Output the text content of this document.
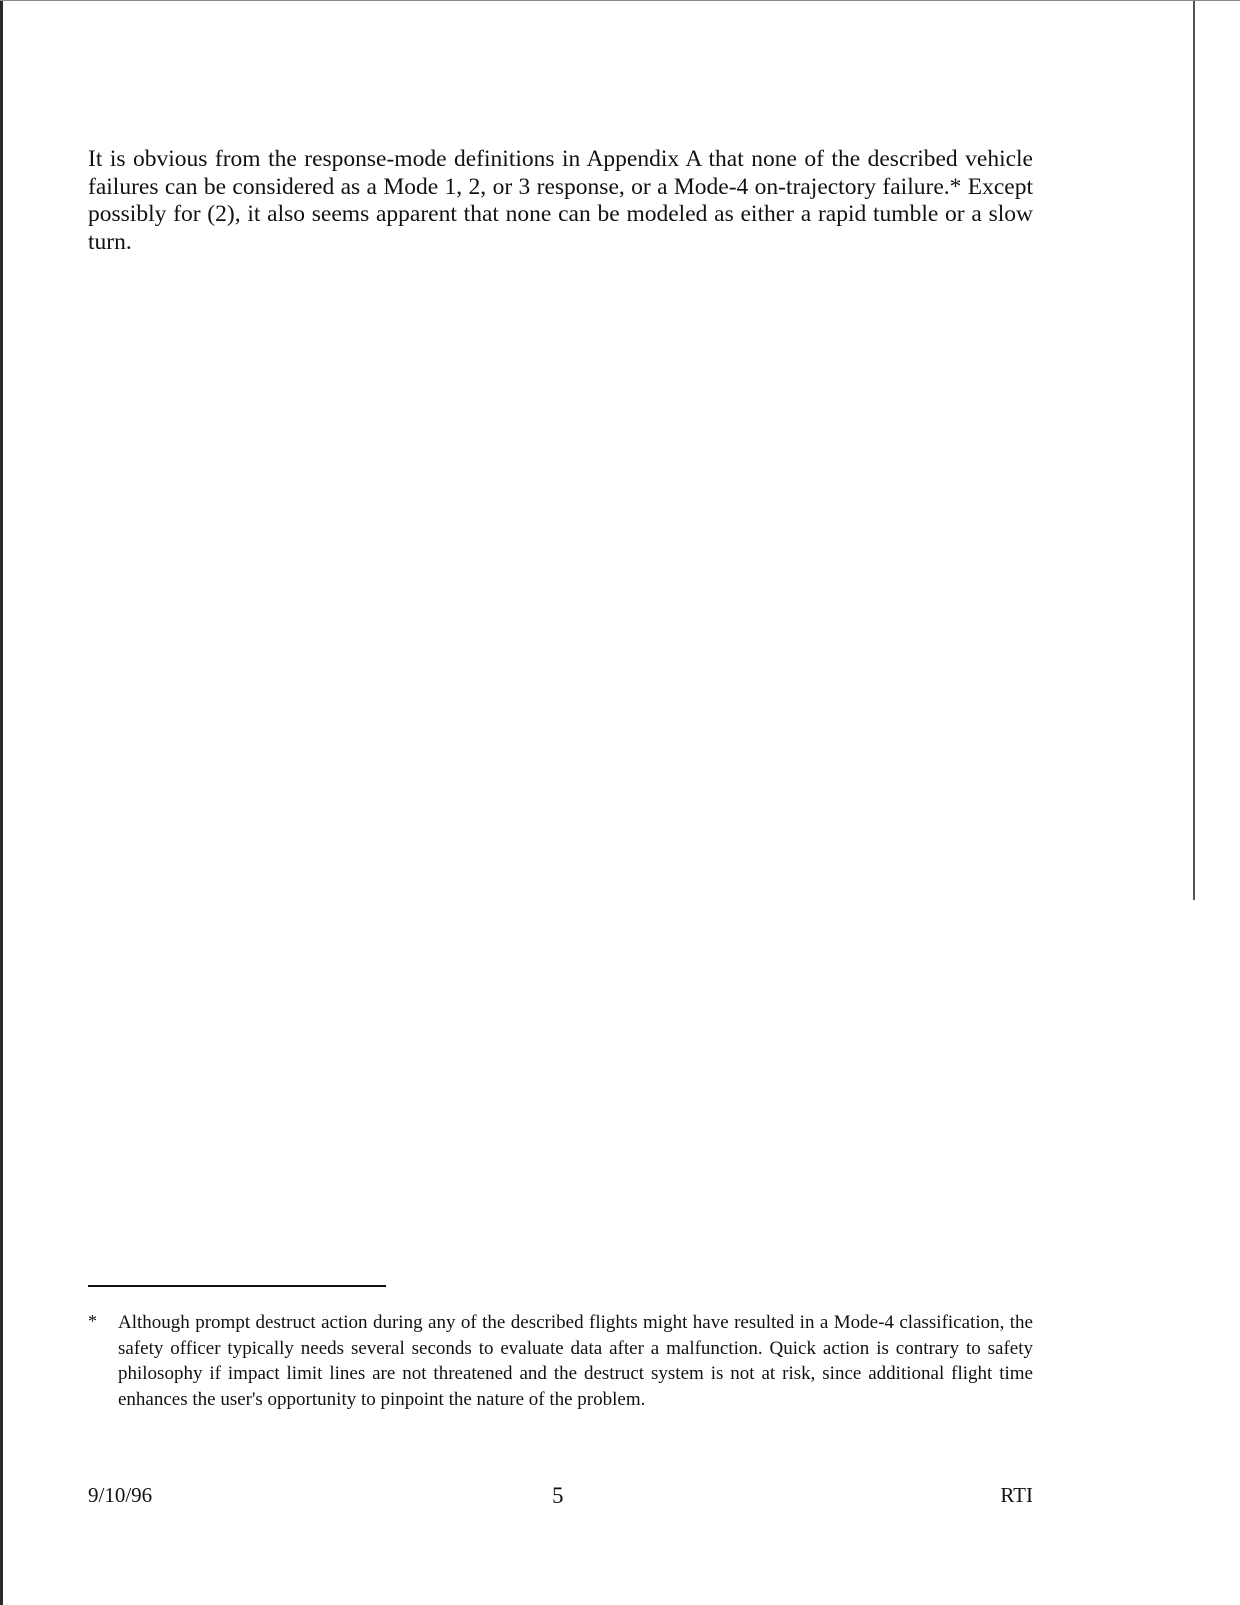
It is obvious from the response-mode definitions in Appendix A that none of the described vehicle failures can be considered as a Mode 1, 2, or 3 response, or a Mode-4 on-trajectory failure.* Except possibly for (2), it also seems apparent that none can be modeled as either a rapid tumble or a slow turn.

*	Although prompt destruct action during any of the described flights might have resulted in a Mode-4 classification, the safety officer typically needs several seconds to evaluate data after a malfunction. Quick action is contrary to safety philosophy if impact limit lines are not threatened and the destruct system is not at risk, since additional flight time enhances the user's opportunity to pinpoint the nature of the problem.

9/10/96	5	RTI
